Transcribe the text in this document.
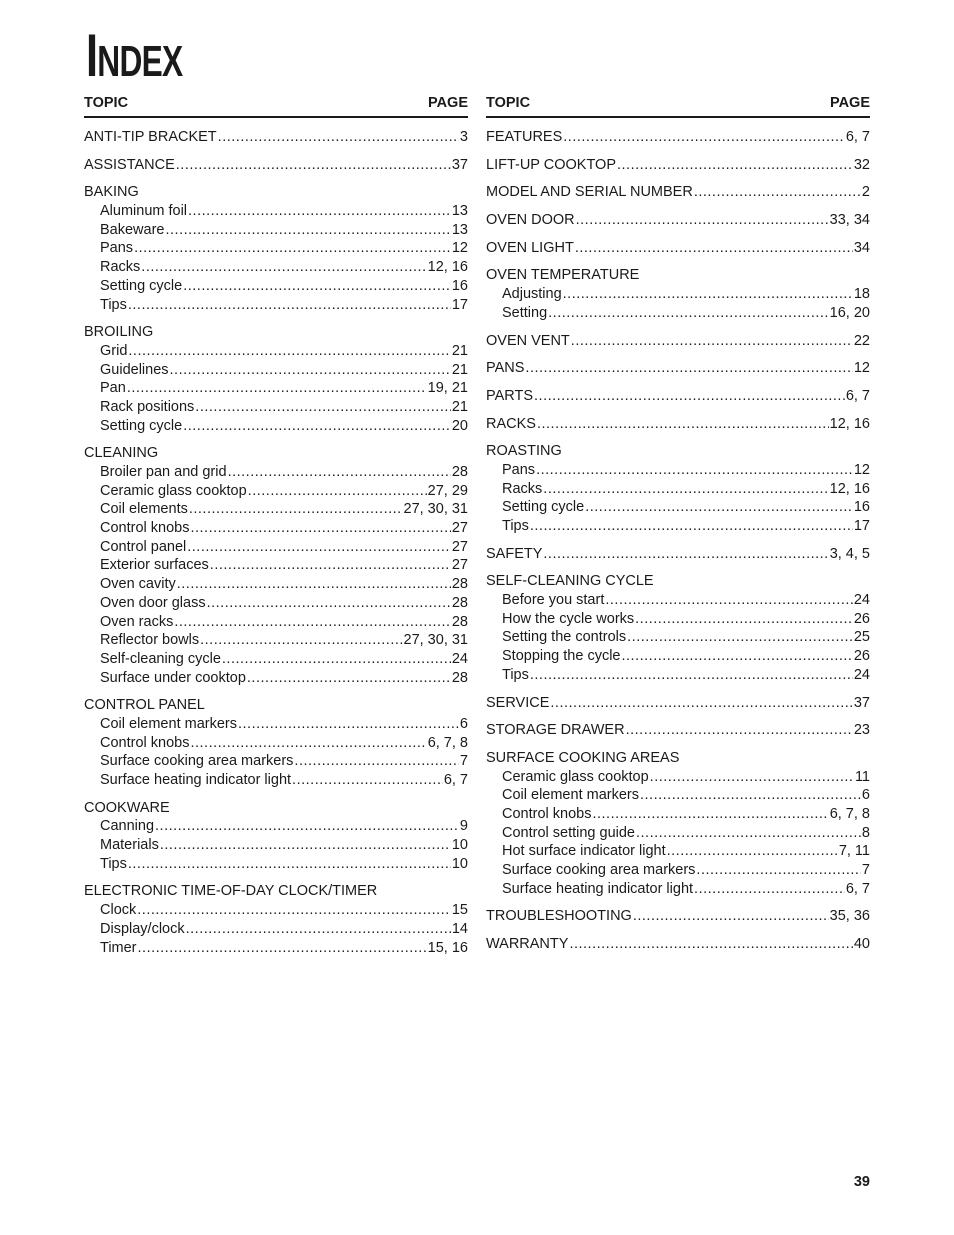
INDEX
TOPIC	PAGE
ANTI-TIP BRACKET .....	3
ASSISTANCE .....	37
BAKING
Aluminum foil .....	13
Bakeware .....	13
Pans .....	12
Racks .....	12, 16
Setting cycle .....	16
Tips .....	17
BROILING
Grid .....	21
Guidelines .....	21
Pan .....	19, 21
Rack positions .....	21
Setting cycle .....	20
CLEANING
Broiler pan and grid .....	28
Ceramic glass cooktop .....	27, 29
Coil elements .....	27, 30, 31
Control knobs .....	27
Control panel .....	27
Exterior surfaces .....	27
Oven cavity .....	28
Oven door glass .....	28
Oven racks .....	28
Reflector bowls .....	27, 30, 31
Self-cleaning cycle .....	24
Surface under cooktop .....	28
CONTROL PANEL
Coil element markers .....	6
Control knobs .....	6, 7, 8
Surface cooking area markers .....	7
Surface heating indicator light .....	6, 7
COOKWARE
Canning .....	9
Materials .....	10
Tips .....	10
ELECTRONIC TIME-OF-DAY CLOCK/TIMER
Clock .....	15
Display/clock .....	14
Timer .....	15, 16
TOPIC	PAGE
FEATURES .....	6, 7
LIFT-UP COOKTOP .....	32
MODEL AND SERIAL NUMBER .....	2
OVEN DOOR .....	33, 34
OVEN LIGHT .....	34
OVEN TEMPERATURE
Adjusting .....	18
Setting .....	16, 20
OVEN VENT .....	22
PANS .....	12
PARTS .....	6, 7
RACKS .....	12, 16
ROASTING
Pans .....	12
Racks .....	12, 16
Setting cycle .....	16
Tips .....	17
SAFETY .....	3, 4, 5
SELF-CLEANING CYCLE
Before you start .....	24
How the cycle works .....	26
Setting the controls .....	25
Stopping the cycle .....	26
Tips .....	24
SERVICE .....	37
STORAGE DRAWER .....	23
SURFACE COOKING AREAS
Ceramic glass cooktop .....	11
Coil element markers .....	6
Control knobs .....	6, 7, 8
Control setting guide .....	8
Hot surface indicator light .....	7, 11
Surface cooking area markers .....	7
Surface heating indicator light .....	6, 7
TROUBLESHOOTING .....	35, 36
WARRANTY .....	40
39
